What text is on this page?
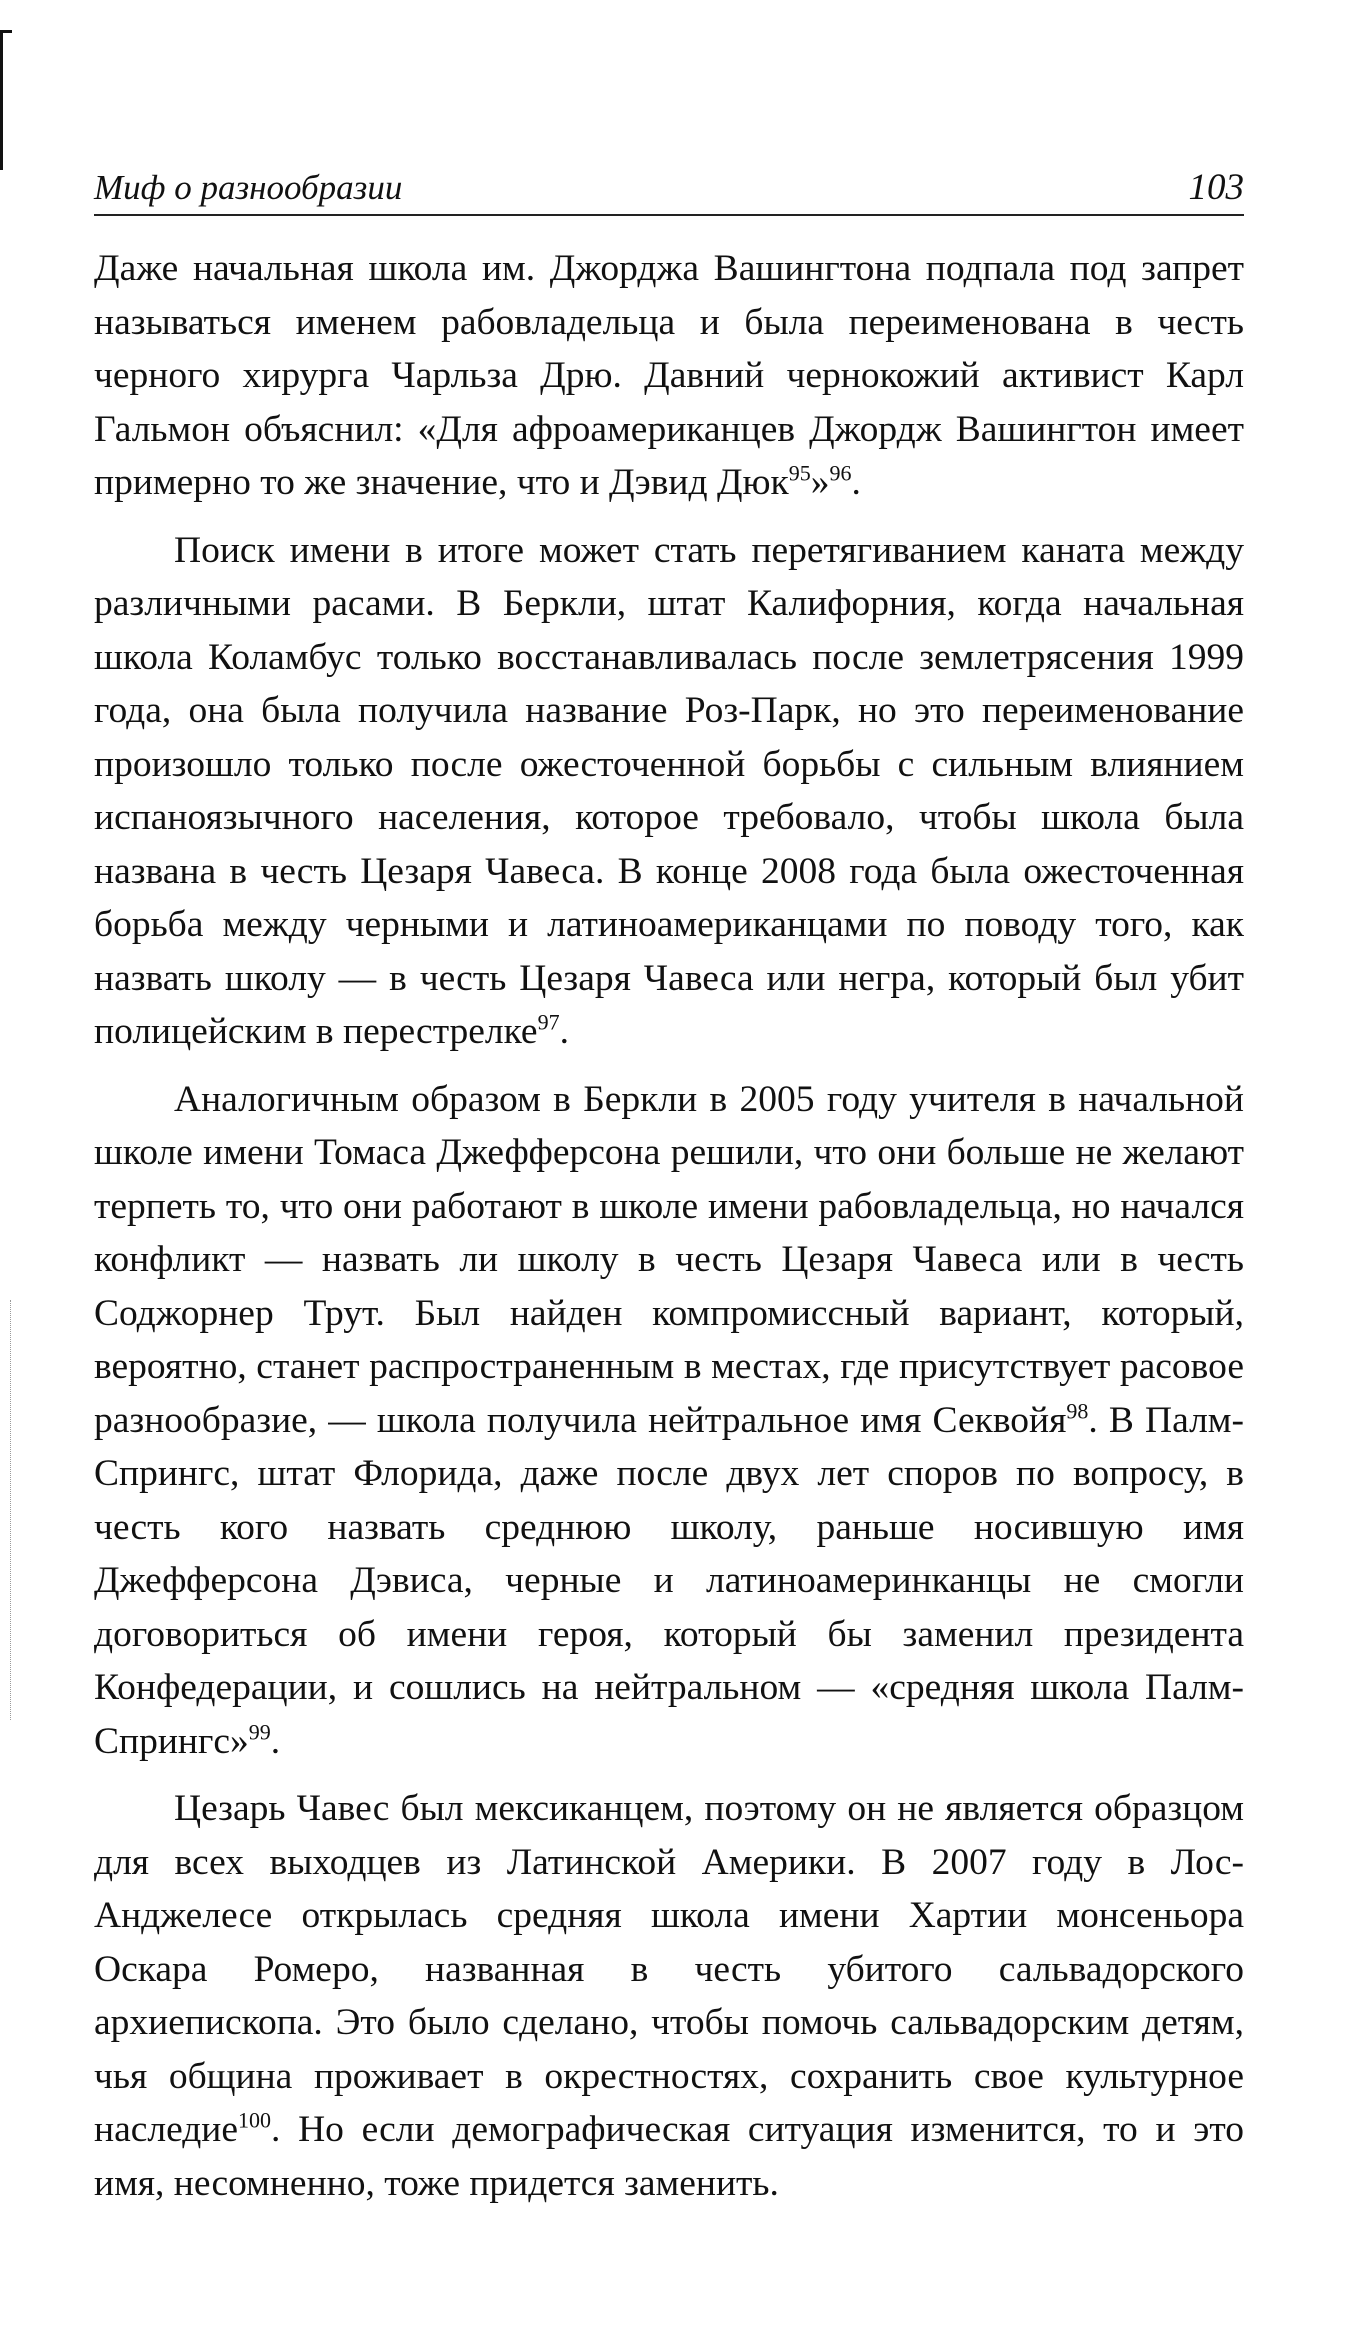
Миф о разнообразии	103

Даже начальная школа им. Джорджа Вашингтона подпала под запрет называться именем рабовладельца и была переименована в честь черного хирурга Чарльза Дрю. Давний чернокожий активист Карл Гальмон объяснил: «Для афроамериканцев Джордж Вашингтон имеет примерно то же значение, что и Дэвид Дюк$^{95}$»$^{96}$.

Поиск имени в итоге может стать перетягиванием каната между различными расами. В Беркли, штат Калифорния, когда начальная школа Коламбус только восстанавливалась после землетрясения 1999 года, она была получила название Роз-Парк, но это переименование произошло только после ожесточенной борьбы с сильным влиянием испаноязычного населения, которое требовало, чтобы школа была названа в честь Цезаря Чавеса. В конце 2008 года была ожесточенная борьба между черными и латиноамериканцами по поводу того, как назвать школу — в честь Цезаря Чавеса или негра, который был убит полицейским в перестрелке$^{97}$.

Аналогичным образом в Беркли в 2005 году учителя в начальной школе имени Томаса Джефферсона решили, что они больше не желают терпеть то, что они работают в школе имени рабовладельца, но начался конфликт — назвать ли школу в честь Цезаря Чавеса или в честь Соджорнер Трут. Был найден компромиссный вариант, который, вероятно, станет распространенным в местах, где присутствует расовое разнообразие, — школа получила нейтральное имя Секвойя$^{98}$. В Палм-Спрингс, штат Флорида, даже после двух лет споров по вопросу, в честь кого назвать среднюю школу, раньше носившую имя Джефферсона Дэвиса, черные и латиноамеринканцы не смогли договориться об имени героя, который бы заменил президента Конфедерации, и сошлись на нейтральном — «средняя школа Палм-Спрингс»$^{99}$.

Цезарь Чавес был мексиканцем, поэтому он не является образцом для всех выходцев из Латинской Америки. В 2007 году в Лос-Анджелесе открылась средняя школа имени Хартии монсеньора Оскара Ромеро, названная в честь убитого сальвадорского архиепископа. Это было сделано, чтобы помочь сальвадорским детям, чья община проживает в окрестностях, сохранить свое культурное наследие$^{100}$. Но если демографическая ситуация изменится, то и это имя, несомненно, тоже придется заменить.
